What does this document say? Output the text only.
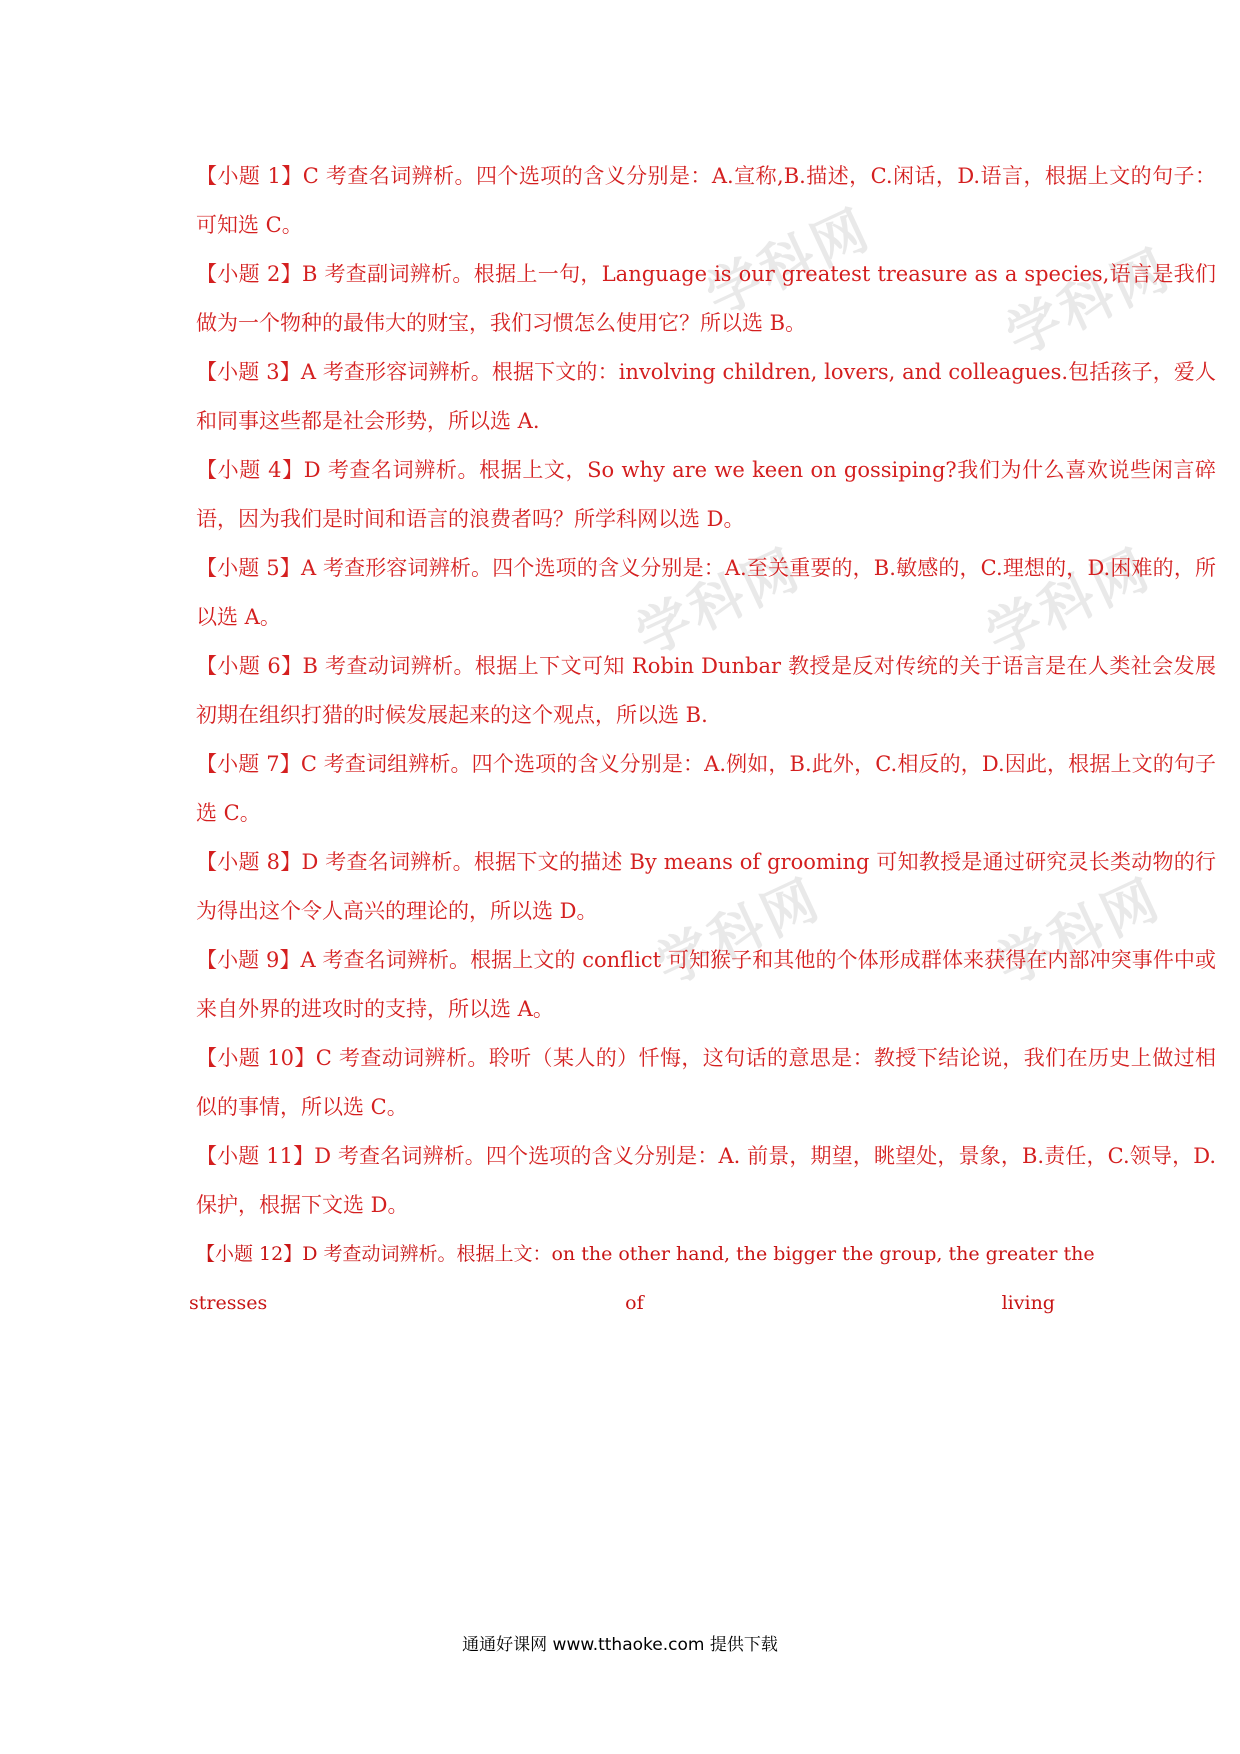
学科网 学科网
学科网	学科网
学科网	学科网

【小题 1】C 考查名词辨析。四个选项的含义分别是：A.宣称,B.描述，C.闲话，D.语言，根据上文的句子：可知选 C。

【小题 2】B 考查副词辨析。根据上一句，Language is our greatest treasure as a species,语言是我们做为一个物种的最伟大的财宝，我们习惯怎么使用它？所以选 B。

【小题 3】A 考查形容词辨析。根据下文的：involving children, lovers, and colleagues.包括孩子，爱人和同事这些都是社会形势，所以选 A.

【小题 4】D 考查名词辨析。根据上文，So why are we keen on gossiping?我们为什么喜欢说些闲言碎语，因为我们是时间和语言的浪费者吗？所学科网以选 D。

【小题 5】A 考查形容词辨析。四个选项的含义分别是：A.至关重要的，B.敏感的，C.理想的，D.困难的，所以选 A。

【小题 6】B 考查动词辨析。根据上下文可知 Robin Dunbar 教授是反对传统的关于语言是在人类社会发展初期在组织打猎的时候发展起来的这个观点，所以选 B.

【小题 7】C 考查词组辨析。四个选项的含义分别是：A.例如，B.此外，C.相反的，D.因此，根据上文的句子选 C。

【小题 8】D 考查名词辨析。根据下文的描述 By means of grooming 可知教授是通过研究灵长类动物的行为得出这个令人高兴的理论的，所以选 D。

【小题 9】A 考查名词辨析。根据上文的 conflict 可知猴子和其他的个体形成群体来获得在内部冲突事件中或来自外界的进攻时的支持，所以选 A。

【小题 10】C 考查动词辨析。聆听（某人的）忏悔，这句话的意思是：教授下结论说，我们在历史上做过相似的事情，所以选 C。

【小题 11】D 考查名词辨析。四个选项的含义分别是：A. 前景，期望，眺望处，景象，B.责任，C.领导，D.保护，根据下文选 D。

【小题 12】D 考查动词辨析。根据上文：on the other hand, the bigger the group, the greater the

stresses	of	living
通通好课网 www.tthaoke.com 提供下载
